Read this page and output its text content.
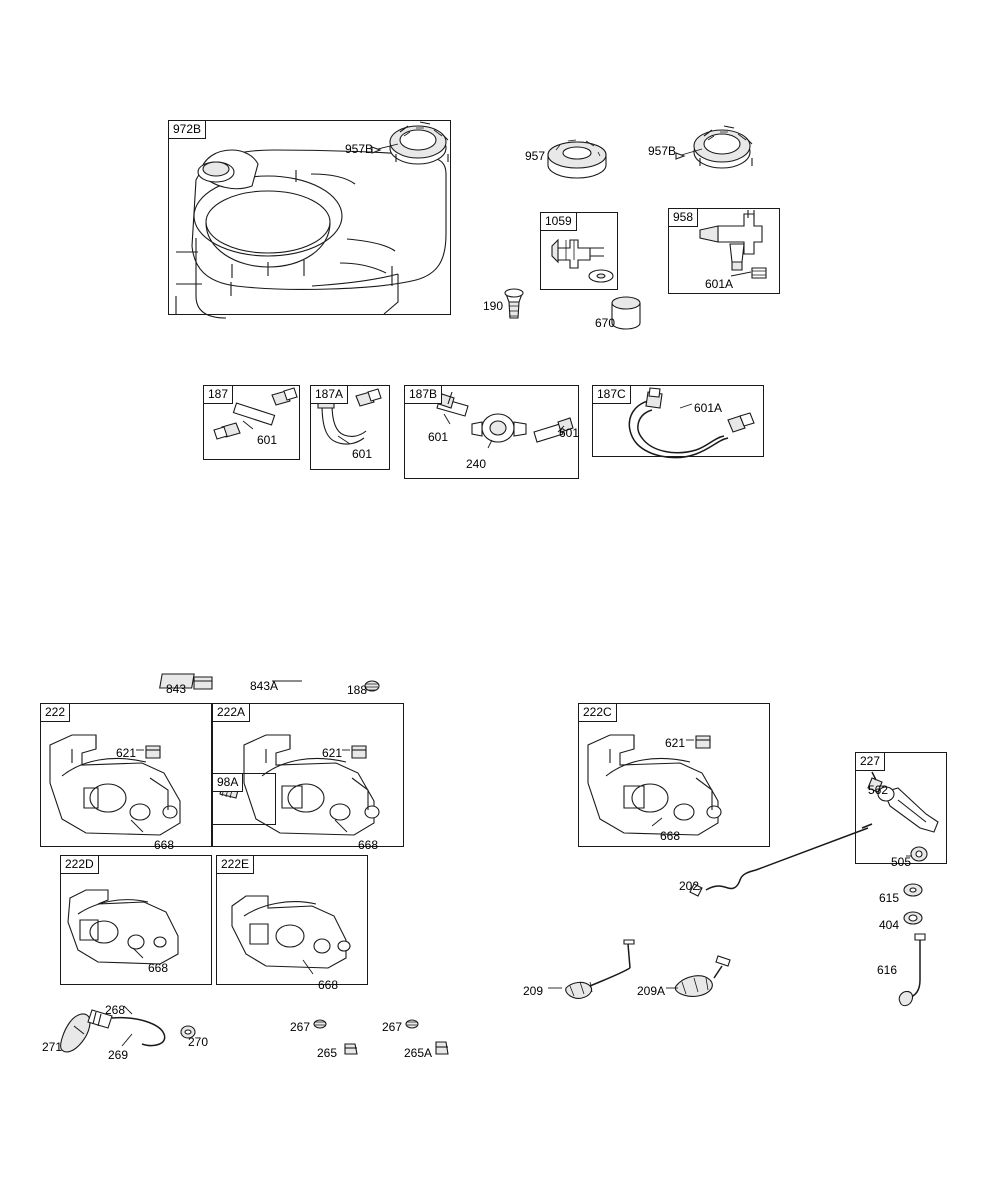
972B
1059	958
187	187A	187B	187C
222	222A
98A
222C
222D	222E
227
957B	957	957B
190
670
601A
601
601
601
240
601
601A
843	843A	188
621
668
621
668
621
668
562
505
615
404
616
202
668
668
268
271
269
270
267	267
265	265A
209	209A
